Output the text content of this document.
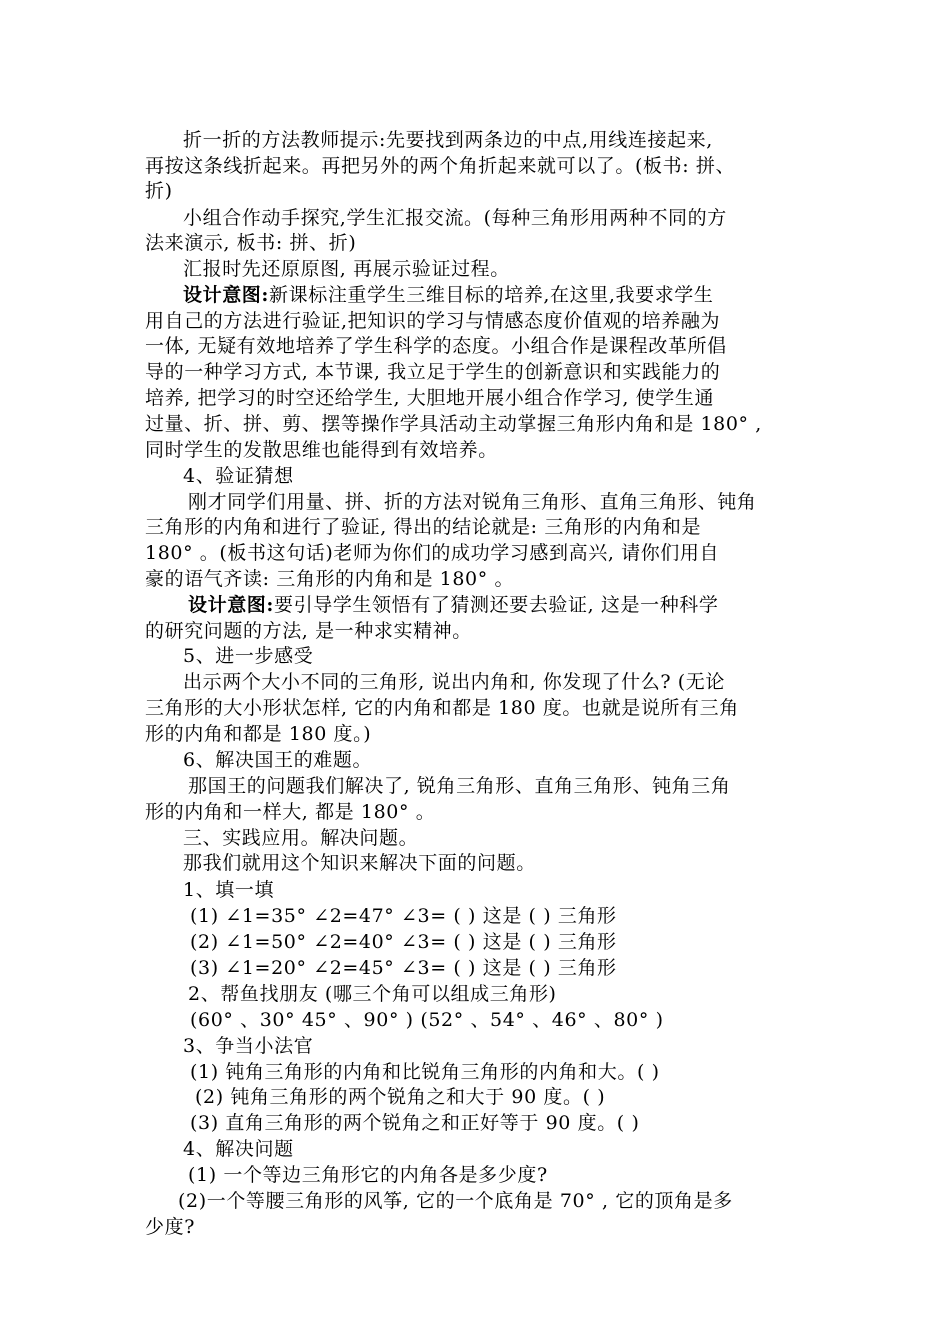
折一折的方法教师提示:先要找到两条边的中点,用线连接起来,
再按这条线折起来。再把另外的两个角折起来就可以了。(板书: 拼、
折)
小组合作动手探究,学生汇报交流。(每种三角形用两种不同的方
法来演示, 板书: 拼、折)
汇报时先还原原图, 再展示验证过程。
设计意图:新课标注重学生三维目标的培养,在这里,我要求学生
用自己的方法进行验证,把知识的学习与情感态度价值观的培养融为
一体, 无疑有效地培养了学生科学的态度。小组合作是课程改革所倡
导的一种学习方式, 本节课, 我立足于学生的创新意识和实践能力的
培养, 把学习的时空还给学生, 大胆地开展小组合作学习, 使学生通
过量、折、拼、剪、摆等操作学具活动主动掌握三角形内角和是 180° ,
同时学生的发散思维也能得到有效培养。
4、验证猜想
刚才同学们用量、拼、折的方法对锐角三角形、直角三角形、钝角
三角形的内角和进行了验证, 得出的结论就是: 三角形的内角和是
180° 。(板书这句话)老师为你们的成功学习感到高兴, 请你们用自
豪的语气齐读: 三角形的内角和是 180° 。
设计意图:要引导学生领悟有了猜测还要去验证, 这是一种科学
的研究问题的方法, 是一种求实精神。
5、进一步感受
出示两个大小不同的三角形, 说出内角和, 你发现了什么? (无论
三角形的大小形状怎样, 它的内角和都是 180 度。也就是说所有三角
形的内角和都是 180 度。)
6、解决国王的难题。
那国王的问题我们解决了, 锐角三角形、直角三角形、钝角三角
形的内角和一样大, 都是 180° 。
三、实践应用。解决问题。
那我们就用这个知识来解决下面的问题。
1、填一填
(1) ∠1=35° ∠2=47° ∠3= ( ) 这是 ( ) 三角形
(2) ∠1=50° ∠2=40° ∠3= ( ) 这是 ( ) 三角形
(3) ∠1=20° ∠2=45° ∠3= ( ) 这是 ( ) 三角形
2、帮鱼找朋友 (哪三个角可以组成三角形)
(60° 、30° 45° 、90° ) (52° 、54° 、46° 、80° )
3、争当小法官
(1) 钝角三角形的内角和比锐角三角形的内角和大。( )
(2) 钝角三角形的两个锐角之和大于 90 度。( )
(3) 直角三角形的两个锐角之和正好等于 90 度。( )
4、解决问题
(1) 一个等边三角形它的内角各是多少度?
(2)一个等腰三角形的风筝, 它的一个底角是 70° , 它的顶角是多
少度?
